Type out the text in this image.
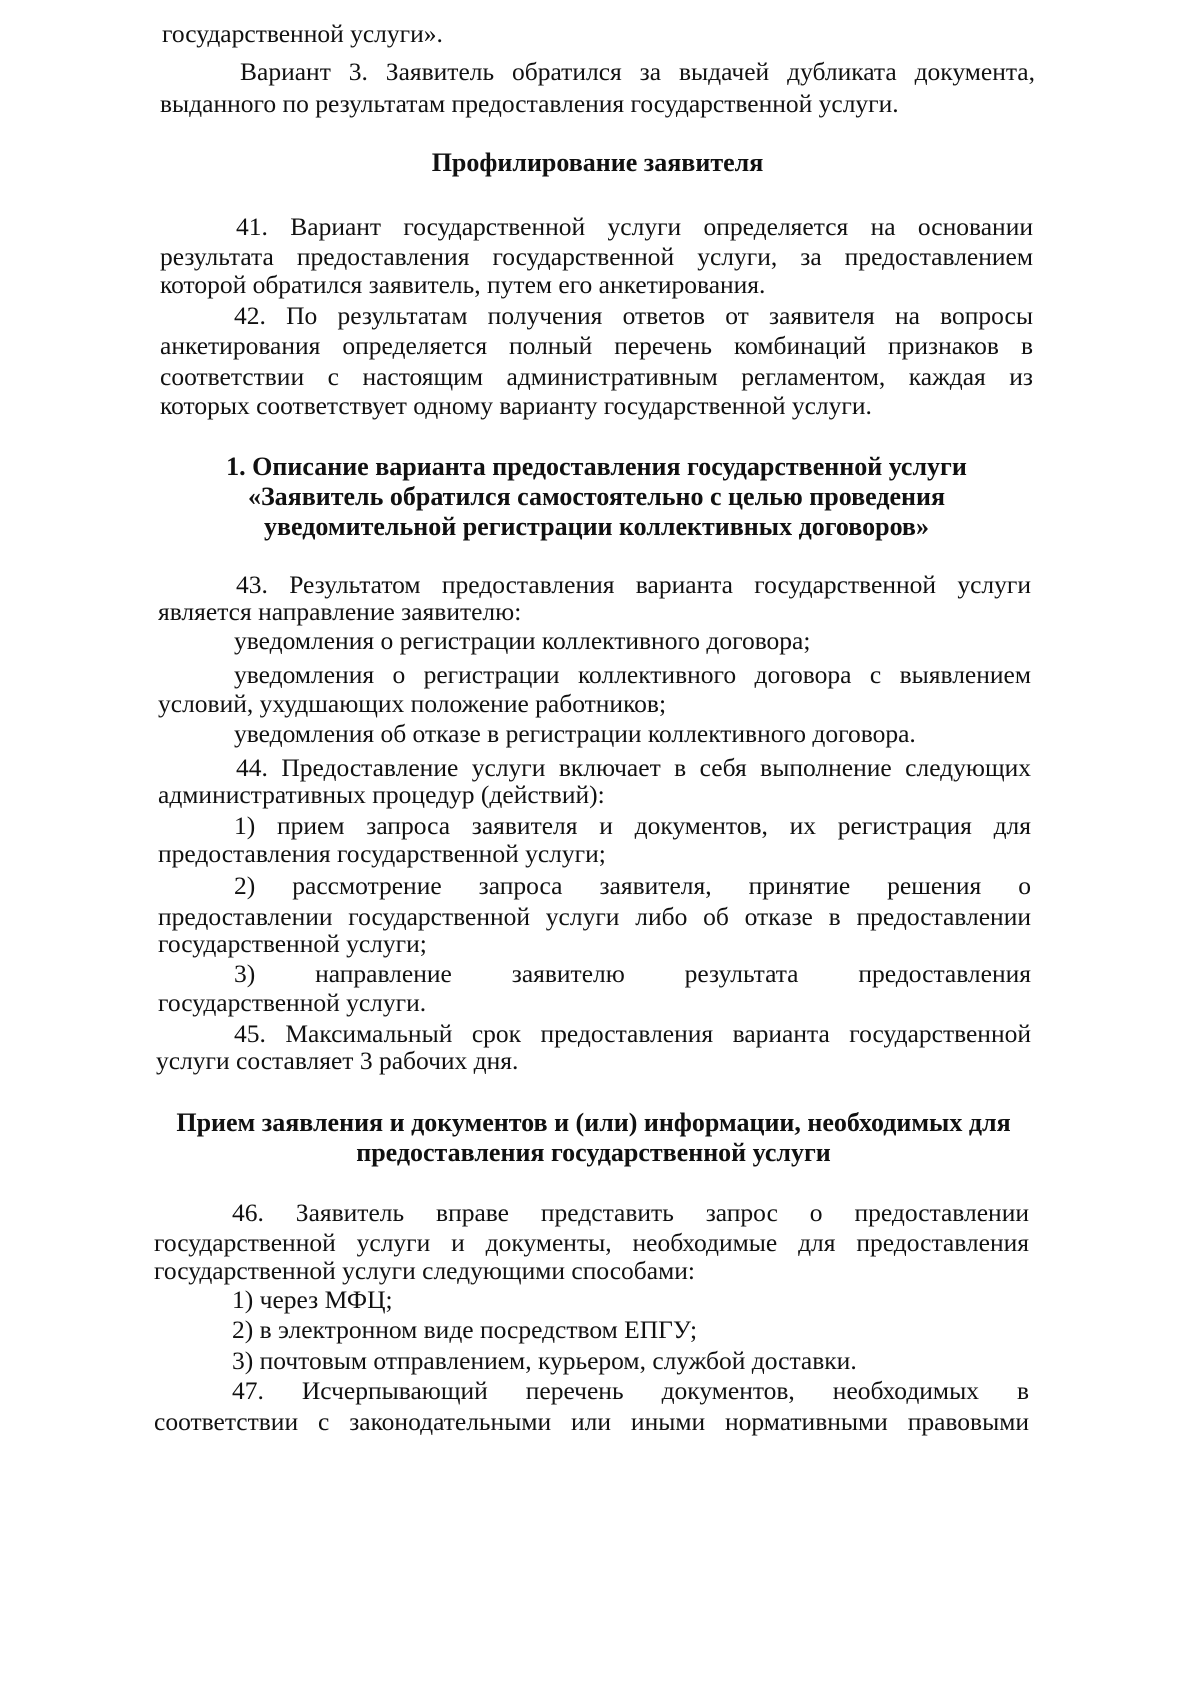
государственной услуги».
Вариант 3. Заявитель обратился за выдачей дубликата документа,
выданного по результатам предоставления государственной услуги.
Профилирование заявителя
41. Вариант государственной услуги определяется на основании
результата предоставления государственной услуги, за предоставлением
которой обратился заявитель, путем его анкетирования.
42. По результатам получения ответов от заявителя на вопросы
анкетирования определяется полный перечень комбинаций признаков в
соответствии с настоящим административным регламентом, каждая из
которых соответствует одному варианту государственной услуги.
1. Описание варианта предоставления государственной услуги
«Заявитель обратился самостоятельно с целью проведения
уведомительной регистрации коллективных договоров»
43. Результатом предоставления варианта государственной услуги
является направление заявителю:
уведомления о регистрации коллективного договора;
уведомления о регистрации коллективного договора с выявлением
условий, ухудшающих положение работников;
уведомления об отказе в регистрации коллективного договора.
44. Предоставление услуги включает в себя выполнение следующих
административных процедур (действий):
1) прием запроса заявителя и документов, их регистрация для
предоставления государственной услуги;
2) рассмотрение запроса заявителя, принятие решения о
предоставлении государственной услуги либо об отказе в предоставлении
государственной услуги;
3) направление заявителю результата предоставления
государственной услуги.
45. Максимальный срок предоставления варианта государственной
услуги составляет 3 рабочих дня.
Прием заявления и документов и (или) информации, необходимых для
предоставления государственной услуги
46. Заявитель вправе представить запрос о предоставлении
государственной услуги и документы, необходимые для предоставления
государственной услуги следующими способами:
1) через МФЦ;
2) в электронном виде посредством ЕПГУ;
3) почтовым отправлением, курьером, службой доставки.
47. Исчерпывающий перечень документов, необходимых в
соответствии с законодательными или иными нормативными правовыми
